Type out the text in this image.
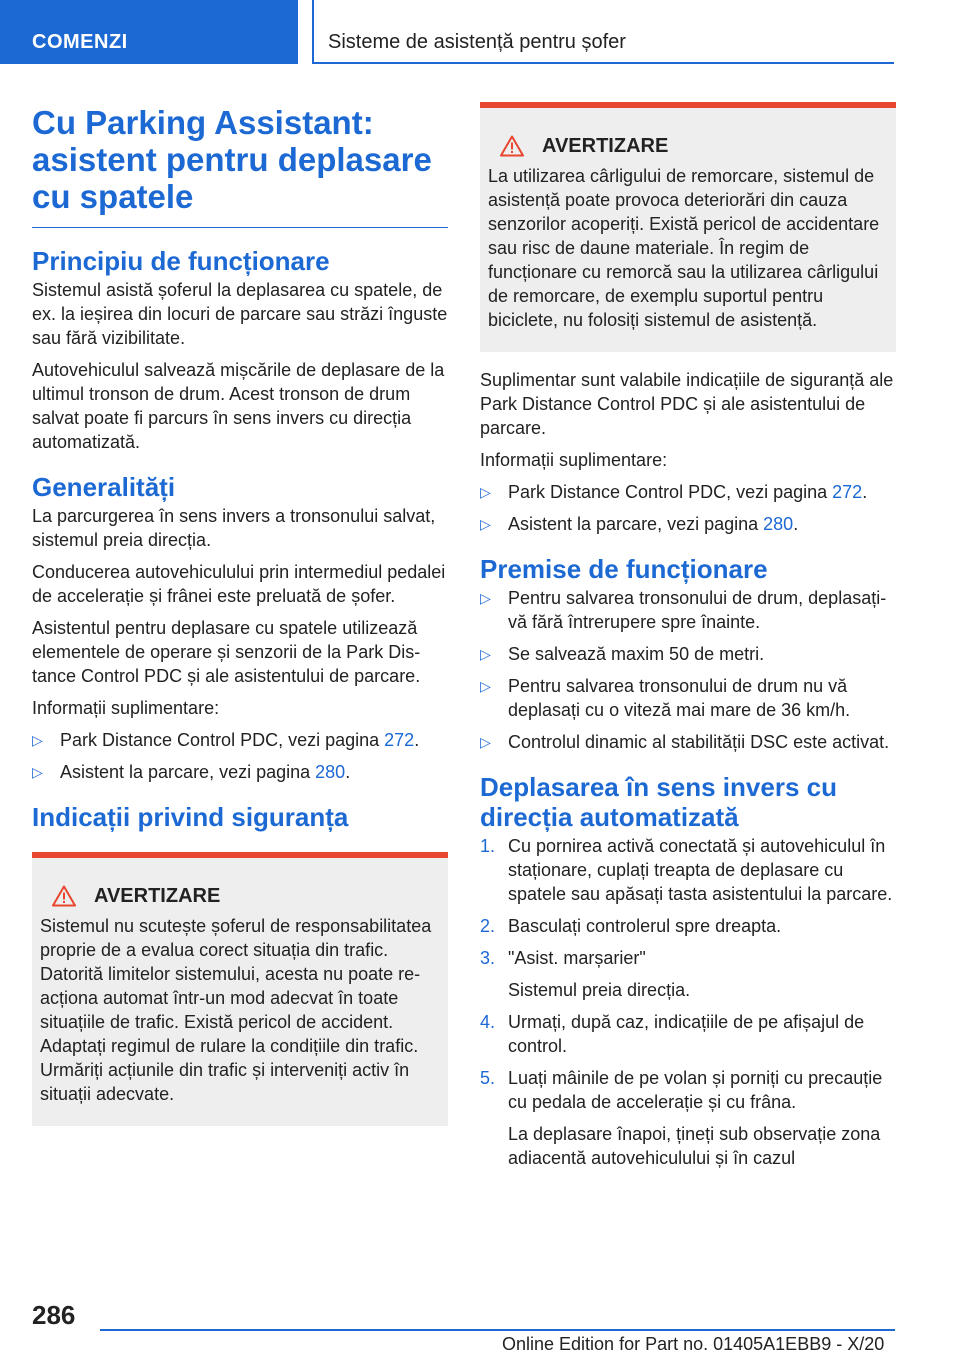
COMENZI	Sisteme de asistență pentru șofer
Cu Parking Assistant: asistent pentru deplasare cu spatele
Principiu de funcționare

Sistemul asistă șoferul la deplasarea cu spatele, de ex. la ieșirea din locuri de parcare sau străzi înguste sau fără vizibilitate.

Autovehiculul salvează mișcările de deplasare de la ultimul tronson de drum. Acest tronson de drum salvat poate fi parcurs în sens invers cu direcția automatizată.

Generalități

La parcurgerea în sens invers a tronsonului salvat, sistemul preia direcția.

Conducerea autovehiculului prin intermediul pedalei de accelerație și frânei este preluată de șofer.

Asistentul pentru deplasare cu spatele utilizează elementele de operare și senzorii de la Park Distance Control PDC și ale asistentului de parcare.

Informații suplimentare:

▷ Park Distance Control PDC, vezi pagina 272.
▷ Asistent la parcare, vezi pagina 280.
Indicații privind siguranța
AVERTIZARE

Sistemul nu scutește șoferul de responsabilitatea proprie de a evalua corect situația din trafic. Datorită limitelor sistemului, acesta nu poate reacționa automat într-un mod adecvat în toate situațiile de trafic. Există pericol de accident. Adaptați regimul de rulare la condițiile din trafic. Urmăriți acțiunile din trafic și interveniți activ în situații adecvate.

AVERTIZARE

La utilizarea cârligului de remorcare, sistemul de asistență poate provoca deteriorări din cauza senzorilor acoperiți. Există pericol de accidentare sau risc de daune materiale. În regim de funcționare cu remorcă sau la utilizarea cârligului de remorcare, de exemplu suportul pentru biciclete, nu folosiți sistemul de asistență.

Suplimentar sunt valabile indicațiile de siguranță ale Park Distance Control PDC și ale asistentului de parcare.

Informații suplimentare:

▷ Park Distance Control PDC, vezi pagina 272.
▷ Asistent la parcare, vezi pagina 280.
Premise de funcționare
▷ Pentru salvarea tronsonului de drum, deplasați-vă fără întrerupere spre înainte.
▷ Se salvează maxim 50 de metri.
▷ Pentru salvarea tronsonului de drum nu vă deplasați cu o viteză mai mare de 36 km/h.
▷ Controlul dinamic al stabilității DSC este activat.
Deplasarea în sens invers cu direcția automatizată
1. Cu pornirea activă conectată și autovehiculul în staționare, cuplați treapta de deplasare cu spatele sau apăsați tasta asistentului la parcare.
2. Basculați controlerul spre dreapta.
3. "Asist. marșarier"
Sistemul preia direcția.
4. Urmați, după caz, indicațiile de pe afișajul de control.
5. Luați mâinile de pe volan și porniți cu precauție cu pedala de accelerație și cu frâna.
La deplasare înapoi, țineți sub observație zona adiacentă autovehiculului și în cazul
286
Online Edition for Part no. 01405A1EBB9 - X/20
